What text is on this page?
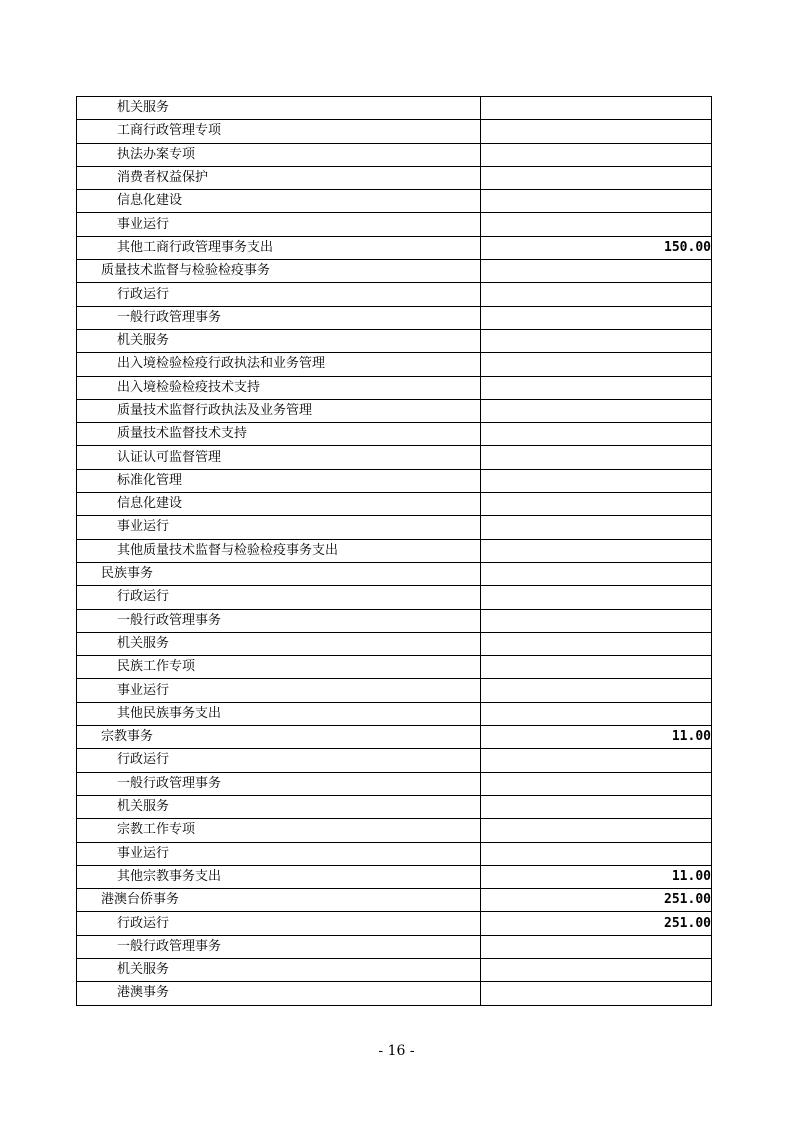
机关服务	
工商行政管理专项	
执法办案专项	
消费者权益保护	
信息化建设	
事业运行	
其他工商行政管理事务支出	150.00
质量技术监督与检验检疫事务	
行政运行	
一般行政管理事务	
机关服务	
出入境检验检疫行政执法和业务管理	
出入境检验检疫技术支持	
质量技术监督行政执法及业务管理	
质量技术监督技术支持	
认证认可监督管理	
标准化管理	
信息化建设	
事业运行	
其他质量技术监督与检验检疫事务支出	
民族事务	
行政运行	
一般行政管理事务	
机关服务	
民族工作专项	
事业运行	
其他民族事务支出	
宗教事务	11.00
行政运行	
一般行政管理事务	
机关服务	
宗教工作专项	
事业运行	
其他宗教事务支出	11.00
港澳台侨事务	251.00
行政运行	251.00
一般行政管理事务	
机关服务	
港澳事务	
- 16 -
